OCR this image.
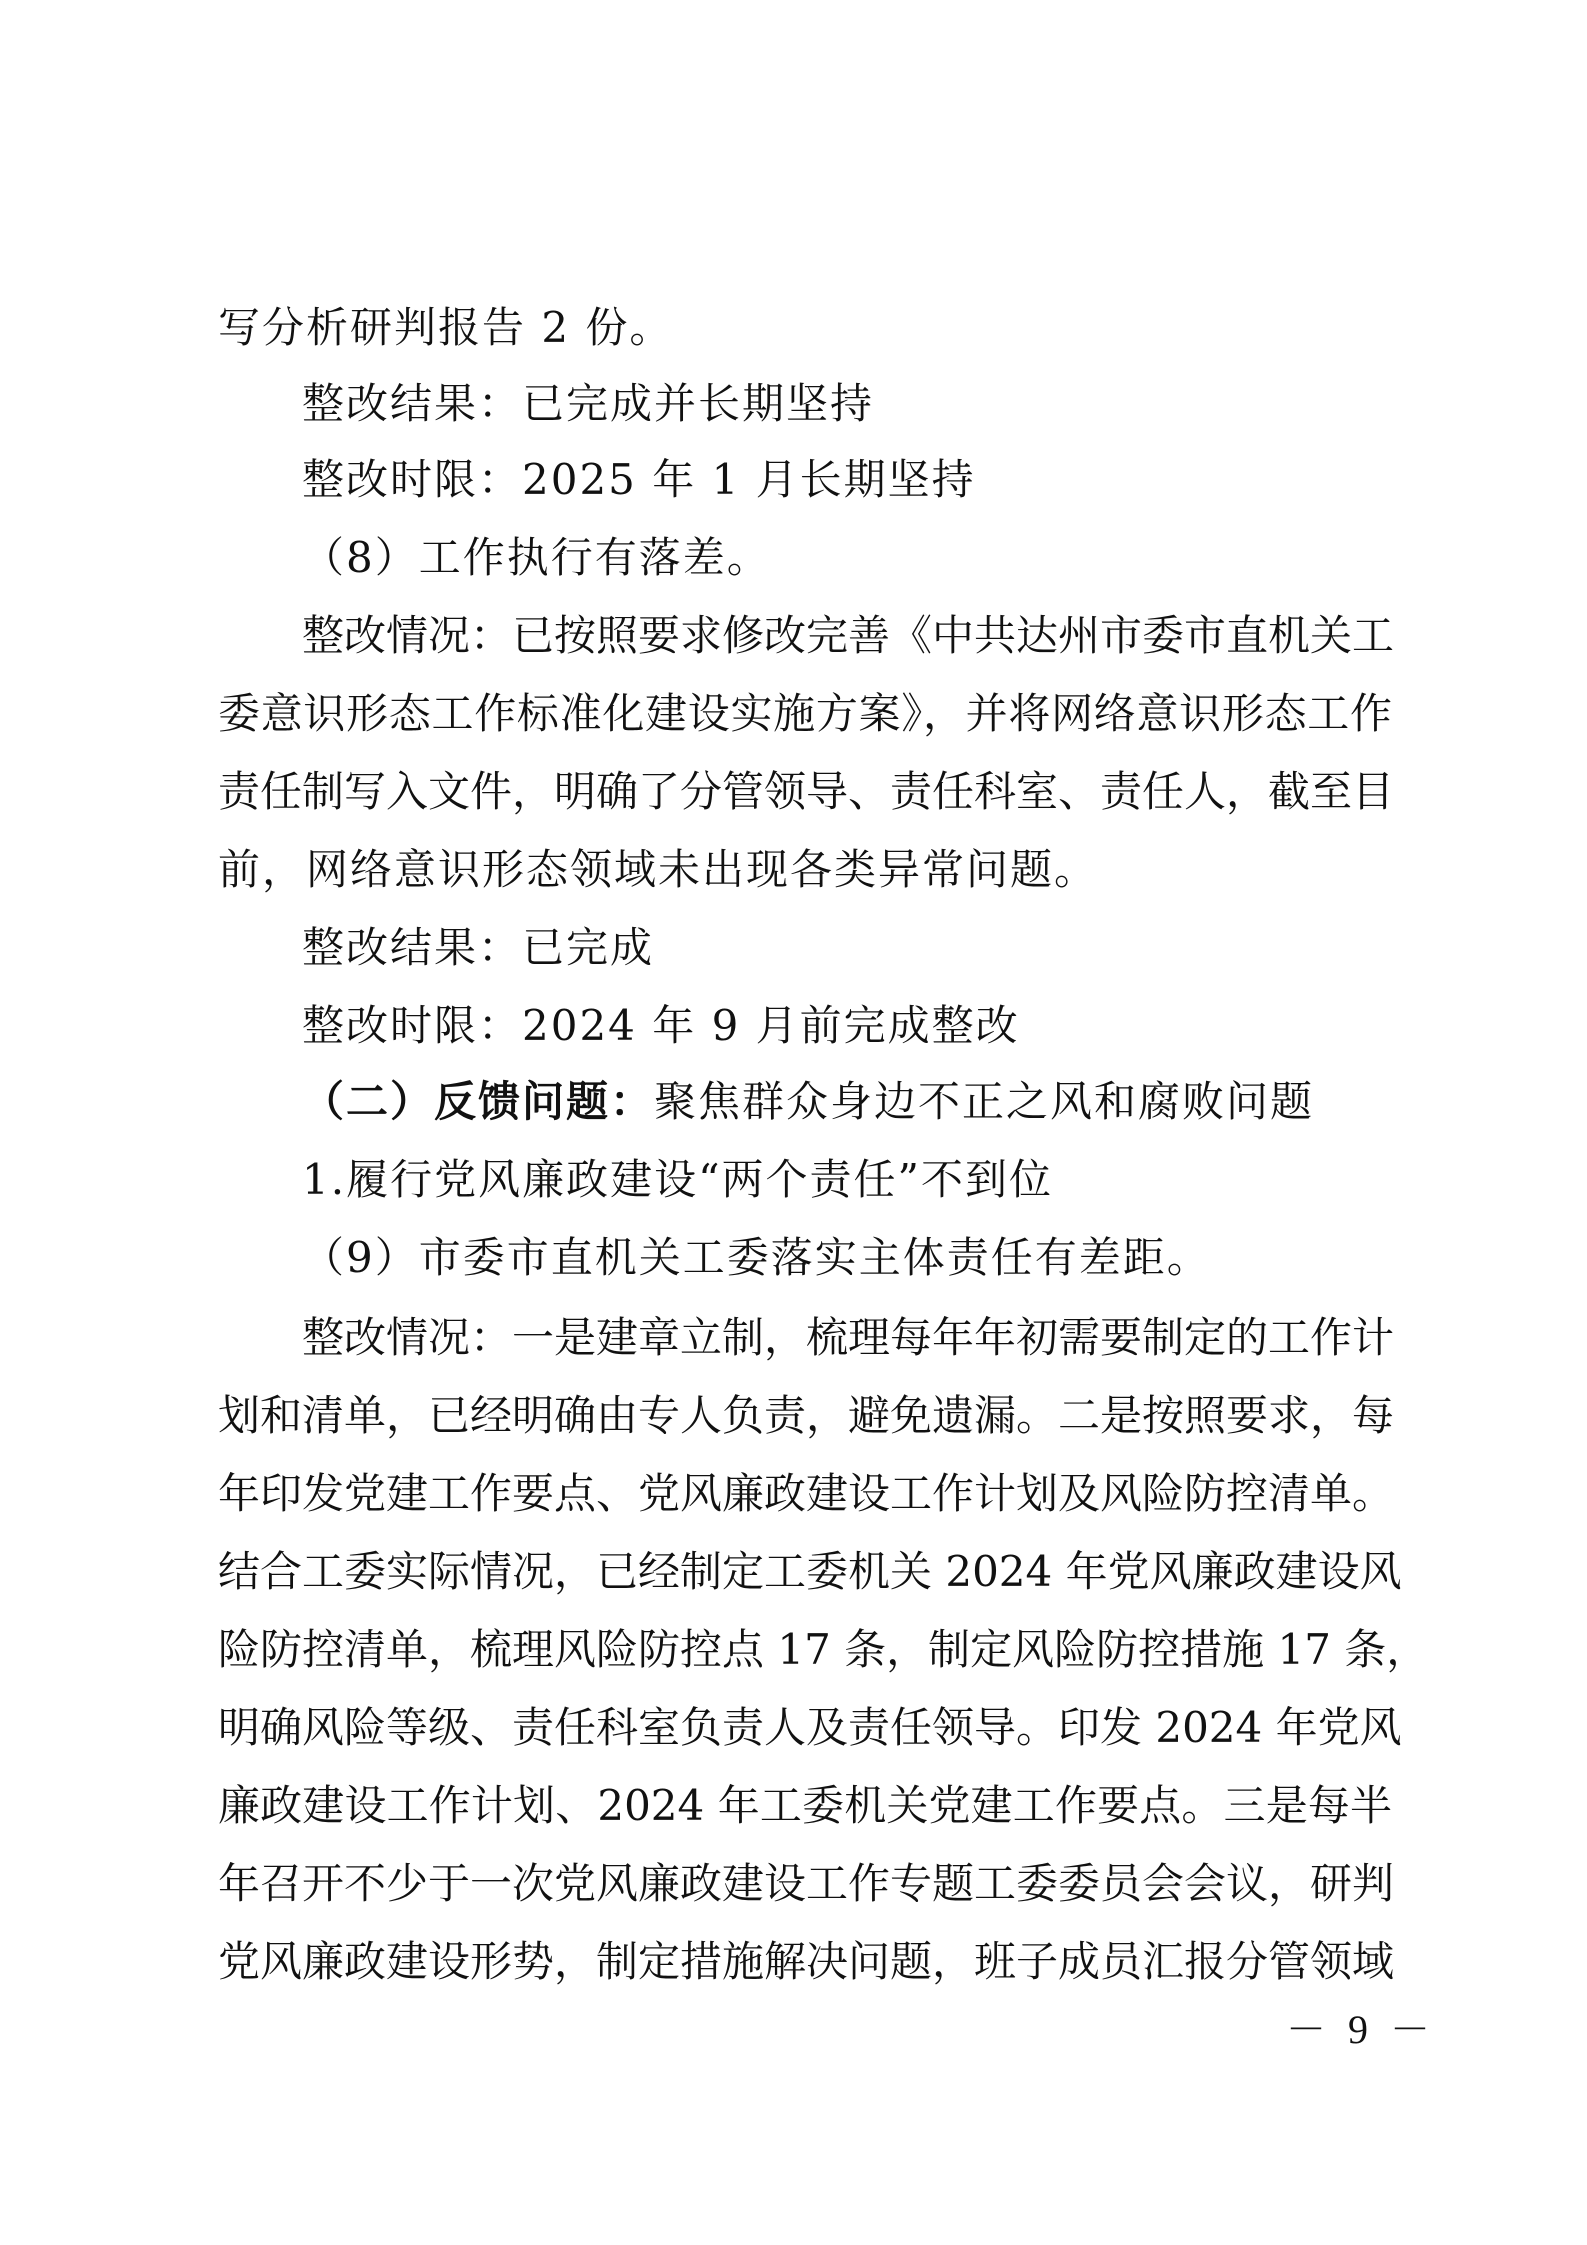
写分析研判报告 2 份。
整改结果：已完成并长期坚持
整改时限：2025 年 1 月长期坚持
（8）工作执行有落差。
整改情况：已按照要求修改完善《中共达州市委市直机关工
委意识形态工作标准化建设实施方案》，并将网络意识形态工作
责任制写入文件，明确了分管领导、责任科室、责任人，截至目
前，网络意识形态领域未出现各类异常问题。
整改结果：已完成
整改时限：2024 年 9 月前完成整改
（二）反馈问题：聚焦群众身边不正之风和腐败问题
1.履行党风廉政建设“两个责任”不到位
（9）市委市直机关工委落实主体责任有差距。
整改情况：一是建章立制，梳理每年年初需要制定的工作计
划和清单，已经明确由专人负责，避免遗漏。二是按照要求，每
年印发党建工作要点、党风廉政建设工作计划及风险防控清单。
结合工委实际情况，已经制定工委机关 2024 年党风廉政建设风
险防控清单，梳理风险防控点 17 条，制定风险防控措施 17 条，
明确风险等级、责任科室负责人及责任领导。印发 2024 年党风
廉政建设工作计划、2024 年工委机关党建工作要点。三是每半
年召开不少于一次党风廉政建设工作专题工委委员会会议，研判
党风廉政建设形势，制定措施解决问题，班子成员汇报分管领域
－ 9 －
